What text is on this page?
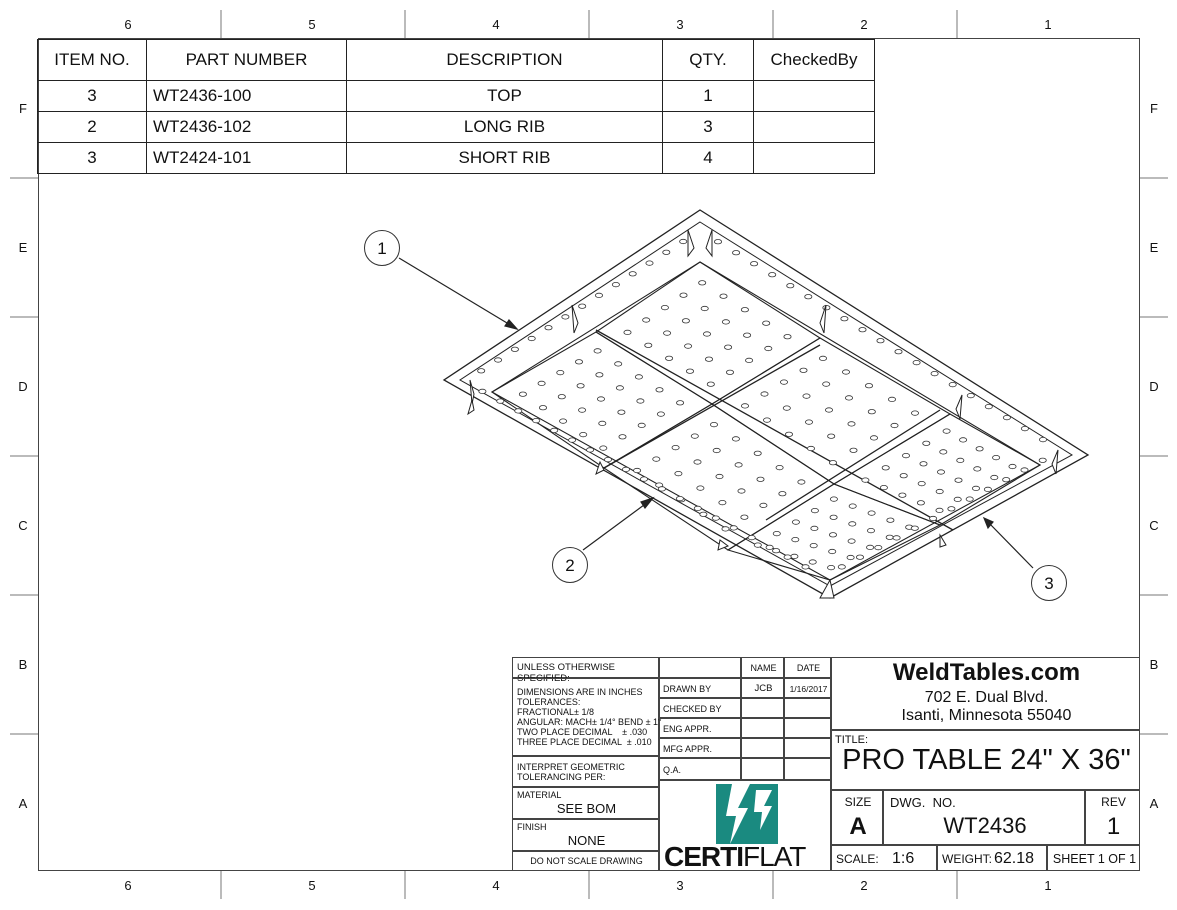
6	5	4	3	2	1
6	5	4	3	2	1
F
E
D
C
B
A
F
E
D
C
B
A
ITEM NO.	PART NUMBER	DESCRIPTION	QTY.	CheckedBy
3	WT2436-100	TOP	1	
2	WT2436-102	LONG RIB	3	
3	WT2424-101	SHORT RIB	4	
1
2
3
UNLESS OTHERWISE SPECIFIED:
DIMENSIONS ARE IN INCHES
TOLERANCES:
FRACTIONAL± 1/8
ANGULAR: MACH± 1/4° BEND ± 1°
TWO PLACE DECIMAL    ± .030
THREE PLACE DECIMAL  ± .010
INTERPRET GEOMETRIC
TOLERANCING PER:
MATERIAL
SEE BOM
FINISH
NONE
DO NOT SCALE DRAWING
NAME	DATE
DRAWN BY	JCB	1/16/2017
CHECKED BY
ENG APPR.
MFG APPR.
Q.A.
CERTIFLAT
WeldTables.com
702 E. Dual Blvd.
Isanti, Minnesota 55040
TITLE:
PRO TABLE 24" X 36"
SIZE
A
DWG.  NO.
WT2436
REV
1
SCALE: 1:6 WEIGHT: 62.18	SHEET 1 OF 1
